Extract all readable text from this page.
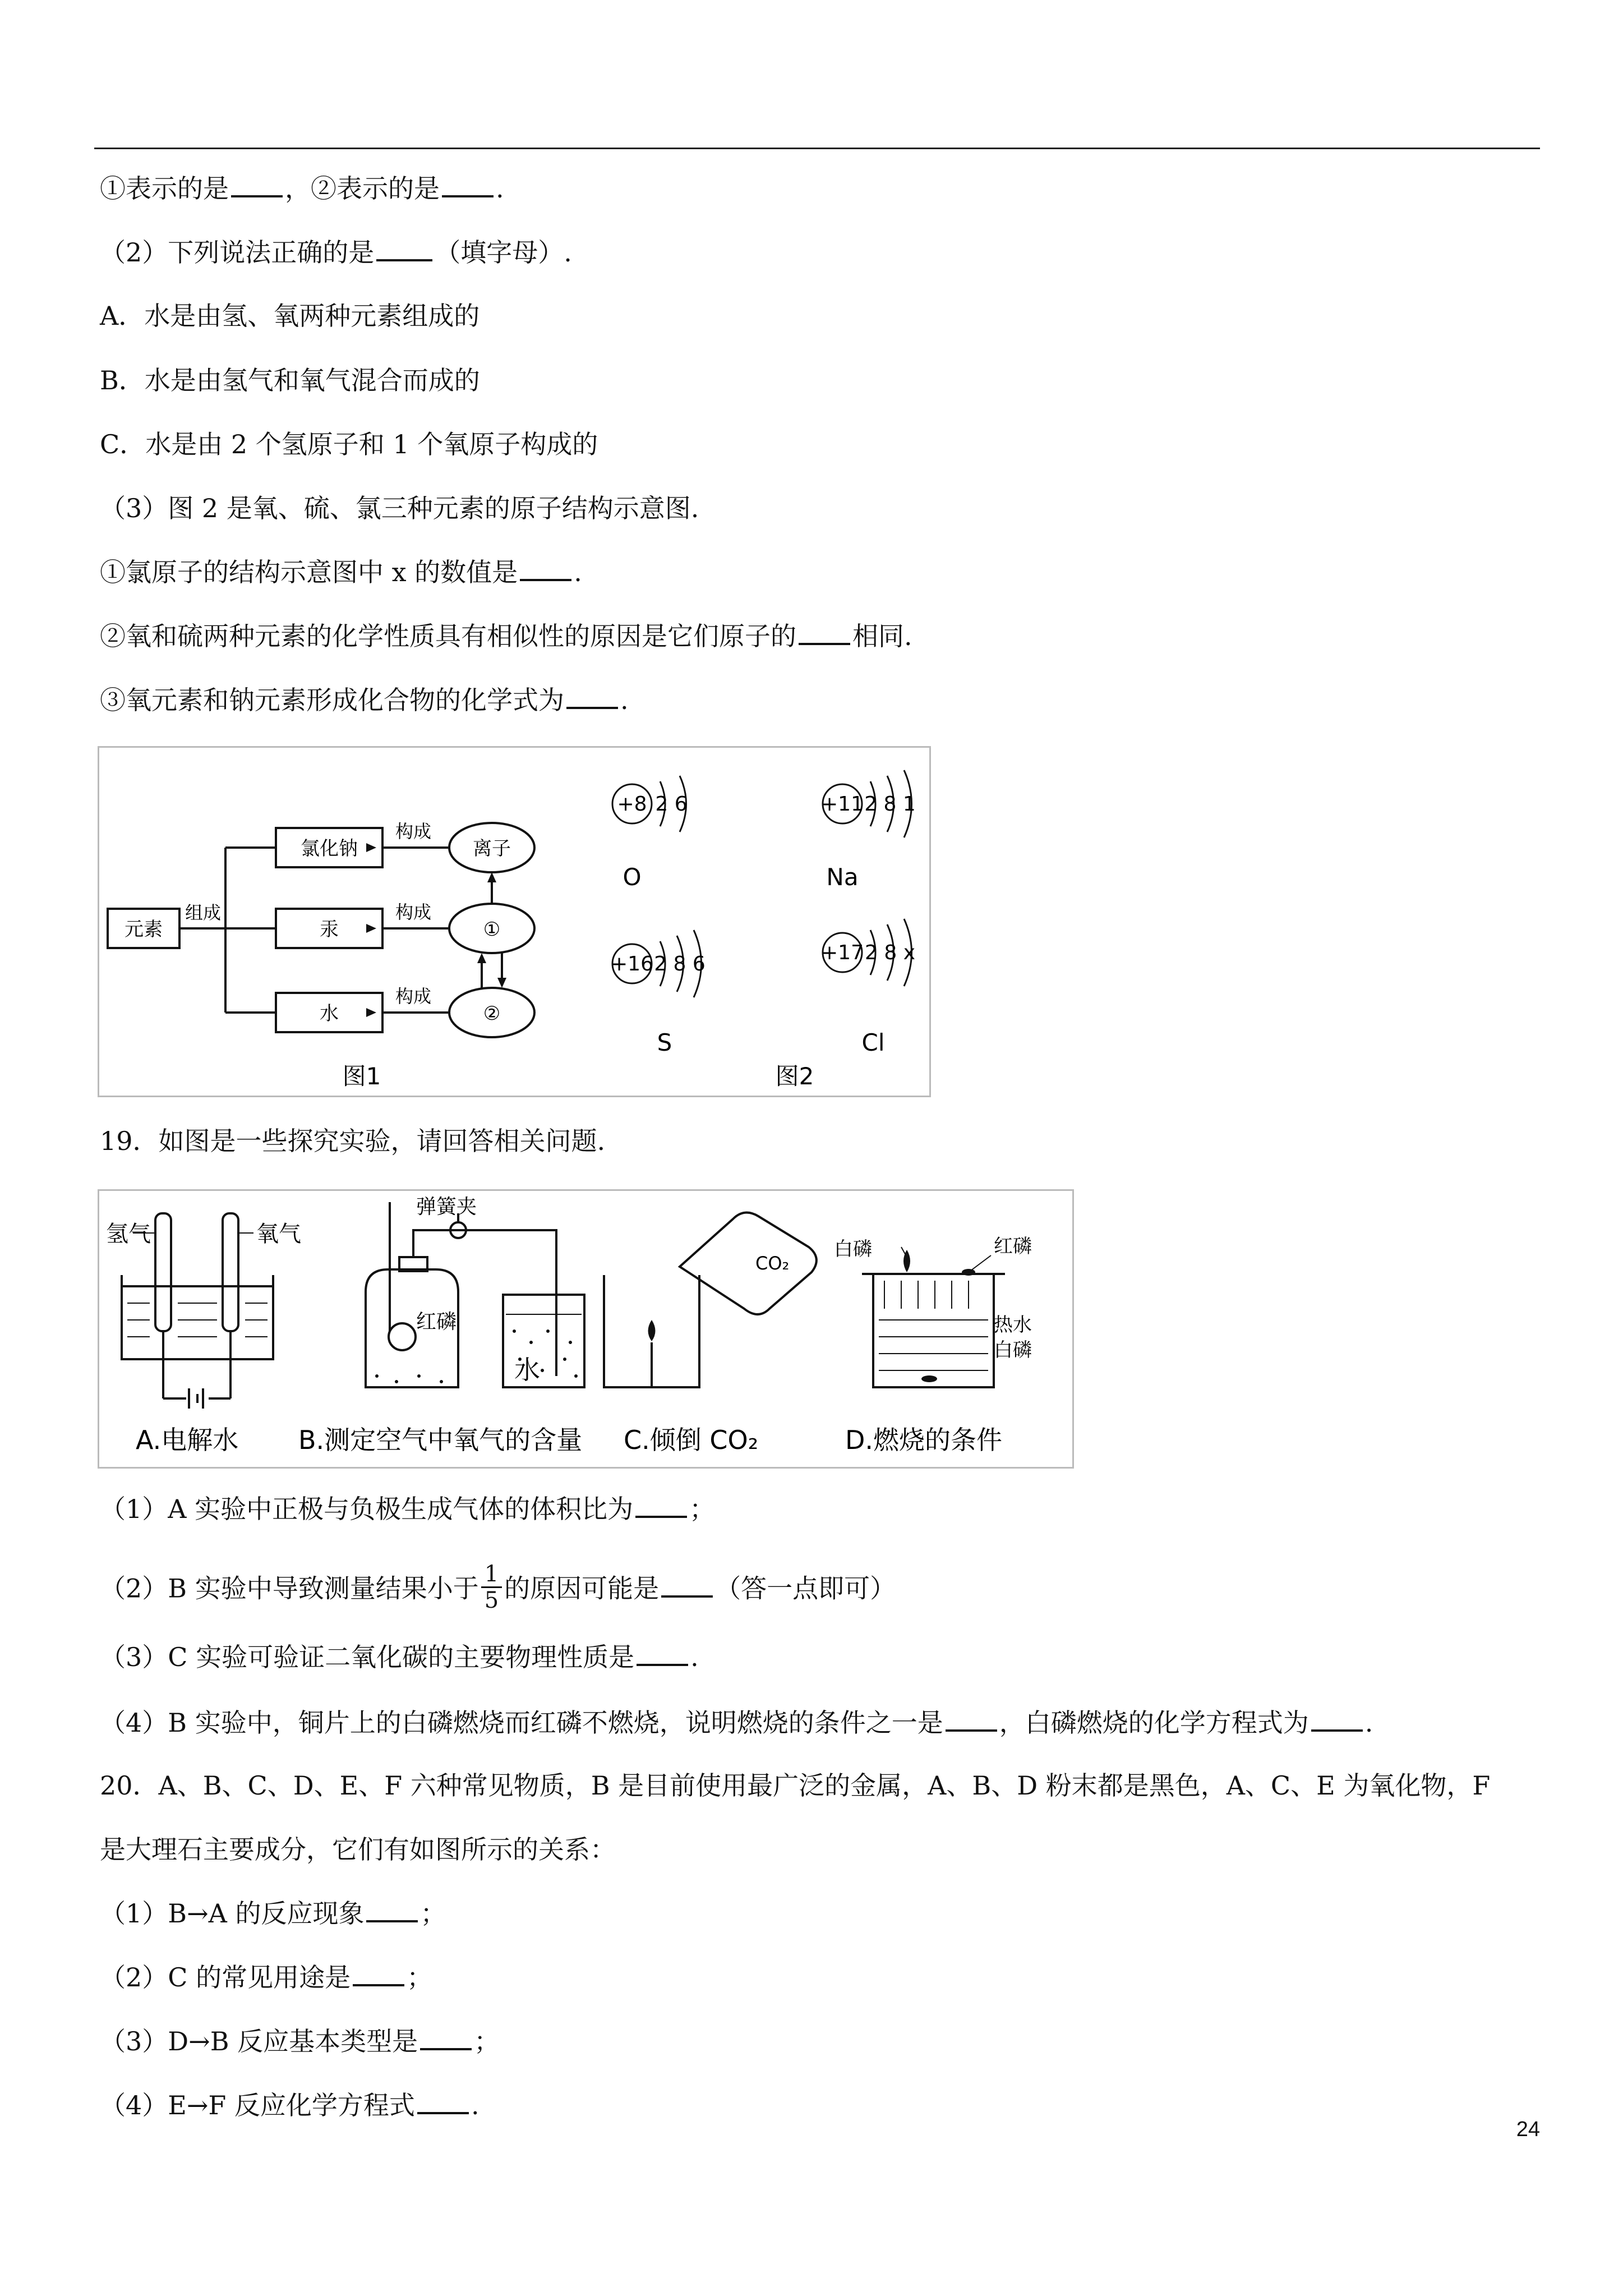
①表示的是 ，②表示的是 .
（2）下列说法正确的是 （填字母）.
A．水是由氢、氧两种元素组成的
B．水是由氢气和氧气混合而成的
C．水是由 2 个氢原子和 1 个氧原子构成的
（3）图 2 是氧、硫、氯三种元素的原子结构示意图.
①氯原子的结构示意图中 x 的数值是 .
②氧和硫两种元素的化学性质具有相似性的原因是它们原子的 相同.
③氧元素和钠元素形成化合物的化学式为 .
元素
组成
氯化钠
汞
水
构成
构成
构成
离子
①
②
图1	图2
+8 2 6
O
+11 2 8 1
Na
+16 2 8 6
S
+17 2 8 x
Cl
19．如图是一些探究实验，请回答相关问题.
氢气	氧气
弹簧夹
红磷
水
CO₂
白磷	红磷
热水
白磷
A.电解水 B.测定空气中氧气的含量 C.倾倒 CO₂	D.燃烧的条件
（1）A 实验中正极与负极生成气体的体积比为 ；
（2）B 实验中导致测量结果小于 $\frac{1}{5}$ 的原因可能是 （答一点即可）
（3）C 实验可验证二氧化碳的主要物理性质是 .
（4）B 实验中，铜片上的白磷燃烧而红磷不燃烧，说明燃烧的条件之一是 ，白磷燃烧的化学方程式为 .
20．A、B、C、D、E、F 六种常见物质，B 是目前使用最广泛的金属，A、B、D 粉末都是黑色，A、C、E 为氧化物，F
是大理石主要成分，它们有如图所示的关系：
（1）B→A 的反应现象 ；
（2）C 的常见用途是 ；
（3）D→B 反应基本类型是 ；
（4）E→F 反应化学方程式 .
24
